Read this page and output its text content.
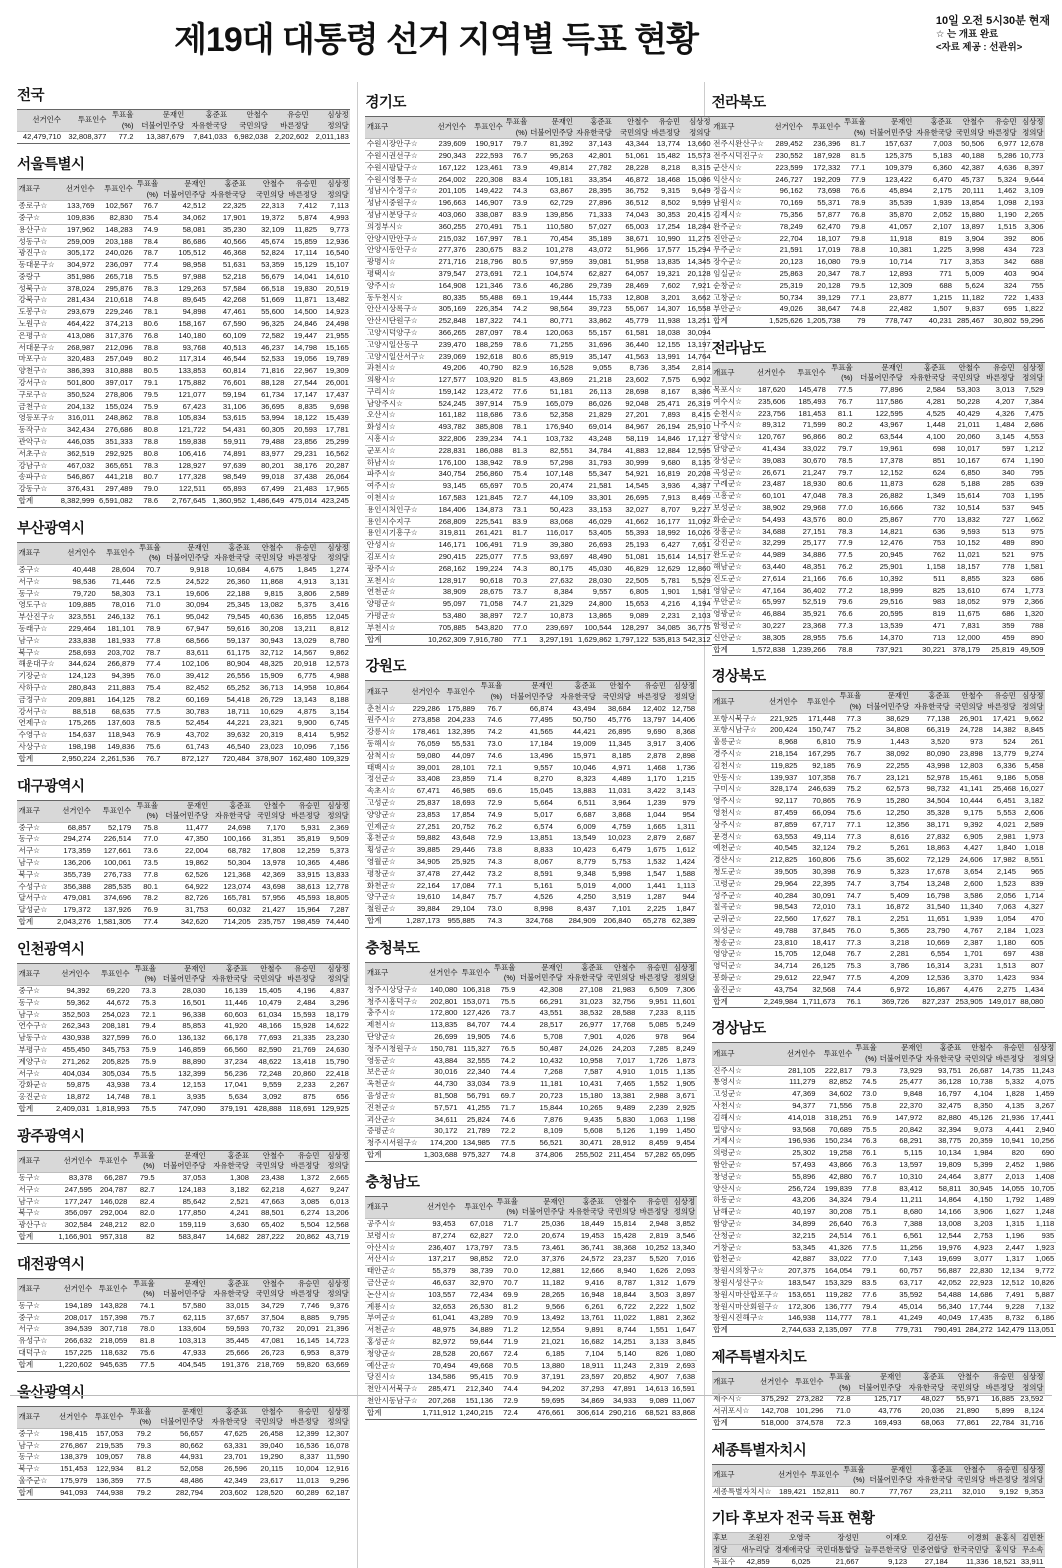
제19대 대통령 선거 지역별 득표 현황	10일 오전 5시30분 현재
☆ 는 개표 완료
<자료 제공 : 선관위>
전국
선거인수	투표인수	투표율	문재인	홍준표	안철수	유승민	심상정
		(%)	더불어민주당	자유한국당	국민의당	바른정당	정의당
42,479,710	32,808,377	77.2	13,387,679	7,841,033	6,982,038	2,202,602	2,011,183
서울특별시
개표구	선거인수	투표인수	투표율	문재인	홍준표	안철수	유승민	심상정
			(%)	더불어민주당	자유한국당	국민의당	바른정당	정의당
종로구☆	133,769	102,567	76.7	42,512	22,325	22,313	7,412	7,113
중구☆	109,836	82,830	75.4	34,062	17,901	19,372	5,874	4,993
용산구☆	197,962	148,283	74.9	58,081	35,230	32,109	11,825	9,773
성동구☆	259,009	203,188	78.4	86,686	40,566	45,674	15,859	12,936
광진구☆	305,172	240,026	78.7	105,512	46,368	52,824	17,114	16,540
동대문구☆	304,972	236,097	77.4	98,958	51,631	53,359	15,129	15,107
중랑구	351,986	265,718	75.5	97,988	52,218	56,679	14,041	14,610
성북구☆	378,024	295,876	78.3	129,263	57,584	66,518	19,830	20,519
강북구☆	281,434	210,618	74.8	89,645	42,268	51,669	11,871	13,482
도봉구☆	293,679	229,246	78.1	94,898	47,461	55,600	14,500	14,923
노원구☆	464,422	374,213	80.6	158,167	67,590	96,325	24,846	24,498
은평구☆	413,086	317,376	76.8	140,180	60,109	72,582	19,447	21,955
서대문구☆	268,987	212,096	78.8	93,768	40,513	46,237	14,798	15,165
마포구☆	320,483	257,049	80.2	117,314	46,544	52,533	19,056	19,789
양천구☆	386,393	310,888	80.5	133,853	60,814	71,816	22,967	19,309
강서구☆	501,800	397,017	79.1	175,882	76,601	88,128	27,544	26,001
구로구☆	350,524	278,806	79.5	121,077	59,194	61,734	17,147	17,437
금천구☆	204,132	155,024	75.9	67,423	31,106	36,695	8,835	9,698
영등포구☆	316,011	248,862	78.8	105,834	53,615	53,994	18,122	15,439
동작구☆	342,434	276,686	80.8	121,722	54,431	60,305	20,593	17,781
관악구☆	446,035	351,333	78.8	159,838	59,911	79,488	23,856	25,299
서초구☆	362,519	292,925	80.8	106,416	74,891	83,977	29,231	16,562
강남구☆	467,032	365,651	78.3	128,927	97,639	80,201	38,176	20,287
송파구☆	546,867	441,218	80.7	177,328	98,549	99,018	37,438	26,064
강동구☆	376,431	297,489	79.0	122,511	65,893	67,499	21,483	17,965
합계	8,382,999	6,591,082	78.6	2,767,645	1,360,952	1,486,649	475,014	423,245
부산광역시
개표구	선거인수	투표인수	투표율	문재인	홍준표	안철수	유승민	심상정
			(%)	더불어민주당	자유한국당	국민의당	바른정당	정의당
중구☆	40,448	28,604	70.7	9,918	10,684	4,675	1,845	1,274
서구☆	98,536	71,446	72.5	24,522	26,360	11,868	4,913	3,131
동구☆	79,720	58,303	73.1	19,606	22,188	9,815	3,806	2,589
영도구☆	109,885	78,016	71.0	30,094	25,345	13,082	5,375	3,416
부산진구☆	323,551	246,132	76.1	95,042	79,545	40,636	16,855	12,045
동래구☆	229,464	181,101	78.9	67,947	59,616	30,208	13,211	8,812
남구☆	233,838	181,933	77.8	68,566	59,137	30,943	13,029	8,780
북구☆	258,693	203,702	78.7	83,611	61,175	32,712	14,567	9,862
해운대구☆	344,624	266,879	77.4	102,106	80,904	48,325	20,918	12,573
기장군☆	124,123	94,395	76.0	39,412	26,556	15,909	6,775	4,988
사하구☆	280,843	211,883	75.4	82,452	65,252	36,713	14,958	10,864
금정구☆	209,881	164,125	78.2	60,169	54,418	26,729	13,143	8,188
강서구☆	88,518	68,635	77.5	30,783	18,711	10,629	4,875	3,154
연제구☆	175,265	137,603	78.5	52,454	44,221	23,321	9,900	6,745
수영구☆	154,637	118,943	76.9	43,702	39,632	20,319	8,414	5,952
사상구☆	198,198	149,836	75.6	61,743	46,540	23,023	10,096	7,156
합계	2,950,224	2,261,536	76.7	872,127	720,484	378,907	162,480	109,329
대구광역시
개표구	선거인수	투표인수	투표율	문재인	홍준표	안철수	유승민	심상정
			(%)	더불어민주당	자유한국당	국민의당	바른정당	정의당
중구☆	68,857	52,179	75.8	11,477	24,698	7,170	5,931	2,369
동구☆	294,274	226,514	77.0	47,350	100,166	31,351	35,819	9,509
서구☆	173,359	127,661	73.6	22,004	68,782	17,808	12,259	5,373
남구☆	136,206	100,061	73.5	19,862	50,304	13,978	10,365	4,486
북구☆	355,739	276,733	77.8	62,526	121,368	42,369	33,915	13,833
수성구☆	356,388	285,535	80.1	64,922	123,074	43,698	38,613	12,778
달서구☆	479,081	374,696	78.2	82,726	165,781	57,956	45,593	18,805
달성군☆	179,372	137,926	76.9	31,753	60,032	21,427	15,964	7,287
합계	2,043,276	1,581,305	77.4	342,620	714,205	235,757	198,459	74,440
인천광역시
개표구	선거인수	투표인수	투표율	문재인	홍준표	안철수	유승민	심상정
			(%)	더불어민주당	자유한국당	국민의당	바른정당	정의당
중구☆	94,392	69,220	73.3	28,030	16,139	15,405	4,196	4,837
동구☆	59,362	44,672	75.3	16,501	11,446	10,479	2,484	3,296
남구☆	352,503	254,023	72.1	96,338	60,603	61,034	15,593	18,179
연수구☆	262,343	208,181	79.4	85,853	41,920	48,166	15,928	14,622
남동구☆	430,938	327,599	76.0	136,132	66,178	77,693	21,335	23,230
부평구☆	455,450	345,753	75.9	146,859	66,560	82,590	21,769	24,630
계양구☆	271,262	205,825	75.9	88,890	37,234	48,622	13,418	15,790
서구☆	404,034	305,034	75.5	132,399	56,236	72,248	20,860	22,418
강화군☆	59,875	43,938	73.4	12,153	17,041	9,559	2,233	2,267
옹진군☆	18,872	14,748	78.1	3,935	5,634	3,092	875	656
합계	2,409,031	1,818,993	75.5	747,090	379,191	428,888	118,691	129,925
광주광역시
개표구	선거인수	투표인수	투표율	문재인	홍준표	안철수	유승민	심상정
			(%)	더불어민주당	자유한국당	국민의당	바른정당	정의당
동구☆	83,378	66,287	79.5	37,053	1,308	23,438	1,372	2,665
서구☆	247,595	204,787	82.7	124,183	3,182	62,218	4,627	9,247
남구☆	177,247	146,028	82.4	85,642	2,521	47,663	3,085	6,013
북구☆	356,097	292,004	82.0	177,850	4,241	88,501	6,274	13,206
광산구☆	302,584	248,212	82.0	159,119	3,630	65,402	5,504	12,568
합계	1,166,901	957,318	82	583,847	14,682	287,222	20,862	43,719
대전광역시
개표구	선거인수	투표인수	투표율	문재인	홍준표	안철수	유승민	심상정
			(%)	더불어민주당	자유한국당	국민의당	바른정당	정의당
동구☆	194,189	143,828	74.1	57,580	33,015	34,729	7,746	9,376
중구☆	208,017	157,398	75.7	62,115	37,657	37,504	8,885	9,795
서구☆	394,539	307,718	78.0	133,604	59,593	70,732	20,091	21,396
유성구☆	266,632	218,059	81.8	103,313	35,445	47,081	16,145	14,723
대덕구☆	157,225	118,632	75.6	47,933	25,666	26,723	6,953	8,379
합계	1,220,602	945,635	77.5	404,545	191,376	218,769	59,820	63,669
울산광역시
개표구	선거인수	투표인수	투표율	문재인	홍준표	안철수	유승민	심상정
			(%)	더불어민주당	자유한국당	국민의당	바른정당	정의당
중구☆	198,415	157,053	79.2	56,657	47,625	26,458	12,399	12,307
남구☆	276,867	219,535	79.3	80,662	63,331	39,040	16,536	16,078
동구☆	138,379	109,057	78.8	44,931	23,701	19,290	8,337	11,590
북구☆	151,453	122,934	81.2	52,058	26,596	20,115	10,004	12,916
울주군☆	175,979	136,359	77.5	48,486	42,349	23,617	11,013	9,296
합계	941,093	744,938	79.2	282,794	203,602	128,520	60,289	62,187
경기도
개표구	선거인수	투표인수	투표율	문재인	홍준표	안철수	유승민	심상정
			(%)	더불어민주당	자유한국당	국민의당	바른정당	정의당
수원시장안구☆	239,609	190,917	79.7	81,392	37,143	43,344	13,774	13,660
수원시권선구☆	290,343	222,593	76.7	95,263	42,801	51,061	15,482	15,573
수원시팔달구☆	167,122	123,461	73.9	49,814	27,782	28,228	8,218	8,315
수원시영통구☆	264,002	220,308	83.4	105,181	33,354	46,872	18,468	15,086
성남시수정구☆	201,105	149,422	74.3	63,867	28,395	36,752	9,315	9,649
성남시중원구☆	196,663	146,907	73.9	62,729	27,896	36,512	8,502	9,599
성남시분당구☆	403,060	338,087	83.9	139,856	71,333	74,043	30,353	20,415
의정부시☆	360,255	270,491	75.1	110,580	57,027	65,003	17,254	18,284
안양시만안구☆	215,032	167,997	78.1	70,454	35,189	38,671	10,990	11,275
안양시동안구☆	277,376	230,675	83.2	101,278	43,072	51,966	17,577	15,294
광명시☆	271,716	218,796	80.5	97,959	39,081	51,958	13,835	14,345
평택시☆	379,547	273,691	72.1	104,574	62,827	64,057	19,321	20,128
양주시☆	164,908	121,346	73.6	46,286	29,739	28,469	7,602	7,921
동두천시☆	80,335	55,488	69.1	19,444	15,733	12,808	3,201	3,662
안산시상록구☆	305,169	226,354	74.2	98,564	39,723	55,067	14,307	16,558
안산시단원구☆	252,848	187,322	74.1	80,771	33,862	45,779	11,938	13,251
고양시덕양구☆	366,265	287,097	78.4	120,063	55,157	61,581	18,038	30,094
고양시일산동구	239,470	188,259	78.6	71,255	31,696	36,440	12,155	13,197
고양시일산서구☆	239,069	192,618	80.6	85,919	35,147	41,563	13,991	14,764
과천시☆	49,206	40,790	82.9	16,528	9,055	8,736	3,354	2,814
의왕시☆	127,577	103,920	81.5	43,869	21,218	23,602	7,575	6,902
구리시☆	159,142	123,472	77.6	51,181	26,113	28,698	8,167	8,386
남양주시☆	524,245	397,914	75.9	165,079	86,026	92,048	25,471	26,319
오산시☆	161,182	118,686	73.6	52,358	21,829	27,201	7,893	8,415
화성시☆	493,782	385,808	78.1	176,940	69,014	84,967	26,194	25,910
시흥시☆	322,806	239,234	74.1	103,732	43,248	58,119	14,846	17,127
군포시☆	228,831	186,088	81.3	82,551	34,784	41,883	12,884	12,595
하남시☆	176,100	138,942	78.9	57,298	31,793	30,999	9,680	8,135
파주시☆	340,754	256,860	75.4	107,148	55,347	54,921	16,819	20,208
여주시☆	93,145	65,697	70.5	20,474	21,581	14,545	3,936	4,387
이천시☆	167,583	121,845	72.7	44,109	33,301	26,695	7,913	8,469
용인시처인구☆	184,406	134,873	73.1	50,423	33,153	32,027	8,707	9,227
용인시수지구	268,809	225,541	83.9	83,068	46,029	41,662	16,177	11,092
용인시기흥구☆	319,811	261,421	81.7	116,017	53,405	55,393	18,992	16,026
안성시☆	146,171	106,491	71.9	39,380	26,693	25,193	6,427	7,651
김포시☆	290,415	225,077	77.5	93,697	48,490	51,081	15,614	14,517
광주시☆	268,162	199,224	74.3	80,175	45,030	46,829	12,629	12,860
포천시☆	128,917	90,618	70.3	27,632	28,030	22,505	5,781	5,529
연천군☆	38,909	28,675	73.7	8,384	9,557	6,805	1,901	1,581
양평군☆	95,097	71,058	74.7	21,329	24,800	15,653	4,216	4,194
가평군☆	53,480	38,897	72.7	10,873	13,865	9,089	2,231	2,103
부천시☆	705,885	543,820	77.0	239,697	100,544	128,297	34,085	36,775
합계	10,262,309	7,916,780	77.1	3,297,191	1,629,862	1,797,122	535,813	542,312
강원도
개표구	선거인수	투표인수	투표율	문재인	홍준표	안철수	유승민	심상정
			(%)	더불어민주당	자유한국당	국민의당	바른정당	정의당
춘천시☆	229,286	175,889	76.7	66,874	43,494	38,684	12,402	12,758
원주시☆	273,858	204,233	74.6	77,495	50,750	45,776	13,797	14,406
강릉시☆	178,461	132,395	74.2	41,565	44,421	26,895	9,690	8,368
동해시☆	76,059	55,531	73.0	17,184	19,009	11,345	3,917	3,406
삼척시☆	59,080	44,097	74.6	13,496	15,971	8,185	2,878	2,898
태백시☆	39,001	28,101	72.1	9,557	10,046	4,971	1,468	1,736
정선군☆	33,408	23,859	71.4	8,270	8,323	4,489	1,170	1,215
속초시☆	67,471	46,985	69.6	15,045	13,883	11,031	3,422	3,143
고성군☆	25,837	18,693	72.9	5,664	6,511	3,964	1,239	979
양양군☆	23,853	17,854	74.9	5,017	6,687	3,868	1,044	954
인제군☆	27,251	20,752	76.2	6,574	6,009	4,759	1,665	1,311
홍천군☆	59,882	43,648	72.9	13,851	13,549	10,023	2,879	2,687
횡성군☆	39,885	29,446	73.8	8,833	10,423	6,479	1,675	1,612
영월군☆	34,905	25,925	74.3	8,067	8,779	5,753	1,532	1,424
평창군☆	37,478	27,442	73.2	8,591	9,348	5,998	1,547	1,588
화천군☆	22,164	17,084	77.1	5,161	5,019	4,000	1,441	1,113
양구군☆	19,610	14,847	75.7	4,526	4,250	3,519	1,287	944
철원군☆	39,884	29,104	73.0	8,998	8,437	7,101	2,225	1,847
합계	1,287,173	955,885	74.3	324,768	284,909	206,840	65,278	62,389
충청북도
개표구	선거인수	투표인수	투표율	문재인	홍준표	안철수	유승민	심상정
			(%)	더불어민주당	자유한국당	국민의당	바른정당	정의당
청주시상당구☆	140,080	106,318	75.9	42,308	27,108	21,983	6,509	7,306
청주시흥덕구☆	202,801	153,071	75.5	66,291	31,023	32,756	9,951	11,601
충주시☆	172,800	127,426	73.7	43,551	38,532	28,588	7,233	8,115
제천시☆	113,835	84,707	74.4	28,517	26,977	17,768	5,085	5,249
단양군☆	26,699	19,905	74.6	5,708	7,901	4,026	978	964
청주시청원구☆	150,781	115,327	76.5	50,487	24,026	24,203	7,285	8,249
영동군☆	43,884	32,555	74.2	10,432	10,958	7,017	1,726	1,873
보은군☆	30,016	22,340	74.4	7,268	7,587	4,910	1,015	1,135
옥천군☆	44,730	33,034	73.9	11,181	10,431	7,465	1,552	1,905
음성군☆	81,508	56,791	69.7	20,723	15,180	13,381	2,988	3,671
진천군☆	57,571	41,255	71.7	15,844	10,265	9,489	2,239	2,925
괴산군☆	34,611	25,824	74.6	7,876	9,435	5,830	1,063	1,198
증평군☆	30,172	21,789	72.2	8,109	5,608	5,126	1,199	1,450
청주시서원구☆	174,200	134,985	77.5	56,521	30,471	28,912	8,459	9,454
합계	1,303,688	975,327	74.8	374,806	255,502	211,454	57,282	65,095
충청남도
개표구	선거인수	투표인수	투표율	문재인	홍준표	안철수	유승민	심상정
			(%)	더불어민주당	자유한국당	국민의당	바른정당	정의당
공주시☆	93,453	67,018	71.7	25,036	18,449	15,814	2,948	3,852
보령시☆	87,274	62,827	72.0	20,674	19,453	15,428	2,819	3,546
아산시☆	236,407	173,797	73.5	73,461	36,741	38,368	10,252	13,340
서산시☆	137,217	98,852	72.0	37,376	24,572	23,237	5,520	7,016
태안군☆	55,379	38,739	70.0	12,881	12,666	8,940	1,626	2,093
금산군☆	46,637	32,970	70.7	11,182	9,416	8,787	1,312	1,679
논산시☆	103,557	72,434	69.9	28,265	16,948	18,844	3,503	3,897
계룡시☆	32,653	26,530	81.2	9,566	6,261	6,722	2,222	1,502
부여군☆	61,041	43,289	70.9	13,492	13,761	11,022	1,881	2,362
서천군☆	48,975	34,889	71.2	12,554	9,891	8,744	1,551	1,647
홍성군☆	82,972	59,644	71.9	21,021	16,682	14,251	3,133	3,845
청양군☆	28,528	20,667	72.4	6,185	7,104	5,140	826	1,080
예산군☆	70,494	49,668	70.5	13,880	18,911	11,243	2,319	2,693
당진시☆	134,586	95,415	70.9	37,191	23,597	20,852	4,907	7,638
천안시서북구☆	285,471	212,340	74.4	94,202	37,293	47,891	14,613	16,591
천안시동남구☆	207,268	151,136	72.9	59,695	34,869	34,933	9,089	11,067
합계	1,711,912	1,240,215	72.4	476,661	306,614	290,216	68,521	83,868
전라북도
개표구	선거인수	투표인수	투표율	문재인	홍준표	안철수	유승민	심상정
			(%)	더불어민주당	자유한국당	국민의당	바른정당	정의당
전주시완산구☆	289,452	236,396	81.7	157,637	7,003	50,506	6,977	12,678
전주시덕진구☆	230,552	187,928	81.5	125,375	5,183	40,188	5,286	10,773
군산시☆	223,599	172,332	77.1	109,379	6,360	42,387	4,636	8,397
익산시☆	246,727	192,209	77.9	123,422	6,470	45,737	5,324	9,644
정읍시☆	96,162	73,698	76.6	45,894	2,175	20,111	1,462	3,109
남원시☆	70,169	55,371	78.9	35,539	1,939	13,854	1,098	2,193
김제시☆	75,356	57,877	76.8	35,870	2,052	15,880	1,190	2,265
완주군☆	78,249	62,470	79.8	41,057	2,107	13,897	1,515	3,306
진안군☆	22,704	18,107	79.8	11,918	819	3,904	392	806
무주군☆	21,591	17,019	78.8	10,381	1,225	3,998	434	723
장수군☆	20,123	16,080	79.9	10,714	717	3,353	342	688
임실군☆	25,863	20,347	78.7	12,893	771	5,009	403	904
순창군☆	25,319	20,128	79.5	12,309	688	5,624	324	755
고창군☆	50,734	39,129	77.1	23,877	1,215	11,182	722	1,433
부안군☆	49,026	38,647	74.8	22,482	1,507	9,837	695	1,822
합계	1,525,626	1,205,738	79	778,747	40,231	285,467	30,802	59,296
전라남도
개표구	선거인수	투표인수	투표율	문재인	홍준표	안철수	유승민	심상정
			(%)	더불어민주당	자유한국당	국민의당	바른정당	정의당
목포시☆	187,620	145,478	77.5	77,896	2,584	53,303	3,013	7,529
여수시☆	235,606	185,493	76.7	117,586	4,281	50,228	4,207	7,384
순천시☆	223,756	181,453	81.1	122,595	4,525	40,429	4,326	7,475
나주시☆	89,312	71,599	80.2	43,967	1,448	21,011	1,484	2,686
광양시☆	120,767	96,866	80.2	63,544	4,100	20,060	3,145	4,553
담양군☆	41,434	33,022	79.7	19,961	698	10,017	597	1,212
장성군☆	39,083	30,670	78.5	17,378	851	10,167	674	1,190
곡성군☆	26,671	21,247	79.7	12,152	624	6,850	340	795
구례군☆	23,487	18,930	80.6	11,873	628	5,188	285	639
고흥군☆	60,101	47,048	78.3	26,882	1,349	15,614	703	1,195
보성군☆	38,902	29,968	77.0	16,666	732	10,514	537	945
화순군☆	54,493	43,576	80.0	25,867	770	13,832	727	1,662
장흥군☆	34,688	27,151	78.3	14,821	636	9,593	513	975
강진군☆	32,299	25,177	77.9	12,476	753	10,152	489	890
완도군☆	44,989	34,886	77.5	20,945	762	11,021	521	975
해남군☆	63,440	48,351	76.2	25,901	1,158	18,157	778	1,581
진도군☆	27,614	21,166	76.6	10,392	511	8,855	323	686
영암군☆	47,164	36,402	77.2	18,999	825	13,610	674	1,773
무안군☆	65,997	52,519	79.6	29,516	983	18,052	979	2,366
영광군☆	46,884	35,921	76.6	20,595	819	11,675	686	1,320
함평군☆	30,227	23,368	77.3	13,539	471	7,831	359	788
신안군☆	38,305	28,955	75.6	14,370	713	12,000	459	890
합계	1,572,838	1,239,266	78.8	737,921	30,221	378,179	25,819	49,509
경상북도
개표구	선거인수	투표인수	투표율	문재인	홍준표	안철수	유승민	심상정
			(%)	더불어민주당	자유한국당	국민의당	바른정당	정의당
포항시북구☆	221,925	171,448	77.3	38,629	77,138	26,901	17,421	9,662
포항시남구☆	200,424	150,747	75.2	34,808	66,319	24,728	14,382	8,845
울릉군☆	8,968	6,810	75.9	1,443	3,520	973	524	261
경주시☆	218,154	167,295	76.7	38,092	80,090	23,898	13,779	9,274
김천시☆	119,825	92,185	76.9	22,255	43,998	12,803	6,336	5,458
안동시☆	139,937	107,358	76.7	23,121	52,978	15,461	9,186	5,058
구미시☆	328,174	246,639	75.2	62,573	98,732	41,141	25,468	16,027
영주시☆	92,117	70,865	76.9	15,280	34,504	10,444	6,451	3,182
영천시☆	87,459	66,094	75.6	12,250	35,328	9,175	5,553	2,606
상주시☆	87,859	67,717	77.1	12,356	38,171	9,392	4,021	2,589
문경시☆	63,553	49,114	77.3	8,616	27,832	6,905	2,981	1,973
예천군☆	40,545	32,124	79.2	5,261	18,863	4,427	1,840	1,018
경산시☆	212,825	160,806	75.6	35,602	72,129	24,606	17,982	8,551
청도군☆	39,505	30,398	76.9	5,323	17,678	3,654	2,145	965
고령군☆	29,964	22,395	74.7	3,754	13,248	2,600	1,523	839
성주군☆	40,284	30,091	74.7	5,409	16,798	3,586	2,056	1,714
칠곡군☆	98,543	72,010	73.1	16,872	31,540	11,340	7,063	4,327
군위군☆	22,560	17,627	78.1	2,251	11,651	1,939	1,054	470
의성군☆	49,788	37,845	76.0	5,365	23,790	4,767	2,184	1,023
청송군☆	23,810	18,417	77.3	3,218	10,669	2,387	1,180	605
영양군☆	15,705	12,048	76.7	2,281	6,554	1,701	697	438
영덕군☆	34,714	26,125	75.3	3,786	16,314	3,231	1,513	807
봉화군☆	29,612	22,947	77.5	4,209	12,536	3,370	1,423	934
울진군☆	43,754	32,568	74.4	6,972	16,867	4,476	2,275	1,434
합계	2,249,984	1,711,673	76.1	369,726	827,237	253,905	149,017	88,080
경상남도
개표구	선거인수	투표인수	투표율	문재인	홍준표	안철수	유승민	심상정
			(%)	더불어민주당	자유한국당	국민의당	바른정당	정의당
진주시☆	281,105	222,817	79.3	73,929	93,751	26,687	14,735	11,243
통영시☆	111,279	82,852	74.5	25,477	36,128	10,738	5,332	4,075
고성군☆	47,369	34,602	73.0	9,848	16,797	4,104	1,828	1,459
사천시☆	94,377	71,556	75.8	22,370	32,475	8,350	4,135	3,267
김해시☆	414,018	318,251	76.9	147,972	82,880	45,126	21,936	17,441
밀양시☆	93,568	70,689	75.5	20,842	32,394	9,073	4,441	2,940
거제시☆	196,936	150,234	76.3	68,291	38,775	20,359	10,941	10,256
의령군☆	25,302	19,258	76.1	5,115	10,134	1,984	820	690
함안군☆	57,493	43,866	76.3	13,597	19,809	5,399	2,452	1,986
창녕군☆	55,896	42,880	76.7	10,310	24,464	3,877	2,013	1,408
양산시☆	256,724	199,839	77.8	83,412	58,811	30,945	14,055	10,705
하동군☆	43,206	34,324	79.4	11,211	14,864	4,150	1,792	1,489
남해군☆	40,197	30,208	75.1	8,680	14,166	3,906	1,627	1,248
함양군☆	34,899	26,640	76.3	7,388	13,008	3,203	1,315	1,118
산청군☆	32,215	24,514	76.1	6,561	12,544	2,753	1,196	935
거창군☆	53,345	41,326	77.5	11,256	19,976	4,923	2,447	1,923
합천군☆	42,887	33,022	77.0	7,143	19,699	3,077	1,317	1,065
창원시의창구☆	207,375	164,054	79.1	60,757	56,887	22,830	12,134	9,772
창원시성산구☆	183,547	153,329	83.5	63,717	42,052	22,923	12,512	10,826
창원시마산합포구☆	153,651	119,282	77.6	35,592	54,488	14,686	7,491	5,887
창원시마산회원구☆	172,306	136,777	79.4	45,014	56,340	17,744	9,228	7,132
창원시진해구☆	146,938	114,777	78.1	41,249	40,049	17,435	8,732	6,186
합계	2,744,633	2,135,097	77.8	779,731	790,491	284,272	142,479	113,051
제주특별자치도
개표구	선거인수	투표인수	투표율	문재인	홍준표	안철수	유승민	심상정
			(%)	더불어민주당	자유한국당	국민의당	바른정당	정의당
제주시☆	375,292	273,282	72.8	125,717	48,027	55,971	16,885	23,592
서귀포시☆	142,708	101,296	71.0	43,776	20,036	21,890	5,899	8,124
합계	518,000	374,578	72.3	169,493	68,063	77,861	22,784	31,716
세종특별자치시
개표구	선거인수	투표인수	투표율	문재인	홍준표	안철수	유승민	심상정
			(%)	더불어민주당	자유한국당	국민의당	바른정당	정의당
세종특별자치시☆	189,421	152,811	80.7	77,767	23,211	32,010	9,192	9,353
기타 후보자 전국 득표 현황
후보	조원진	오영국	장성민	이재오	김선동	이경희	윤홍식	김민찬
정당	새누리당	경제애국당	국민대통합당	늘푸른한국당	민중연합당	한국국민당	홍익당	무소속
득표수	42,859	6,025	21,667	9,123	27,184	11,336	18,521	33,911
